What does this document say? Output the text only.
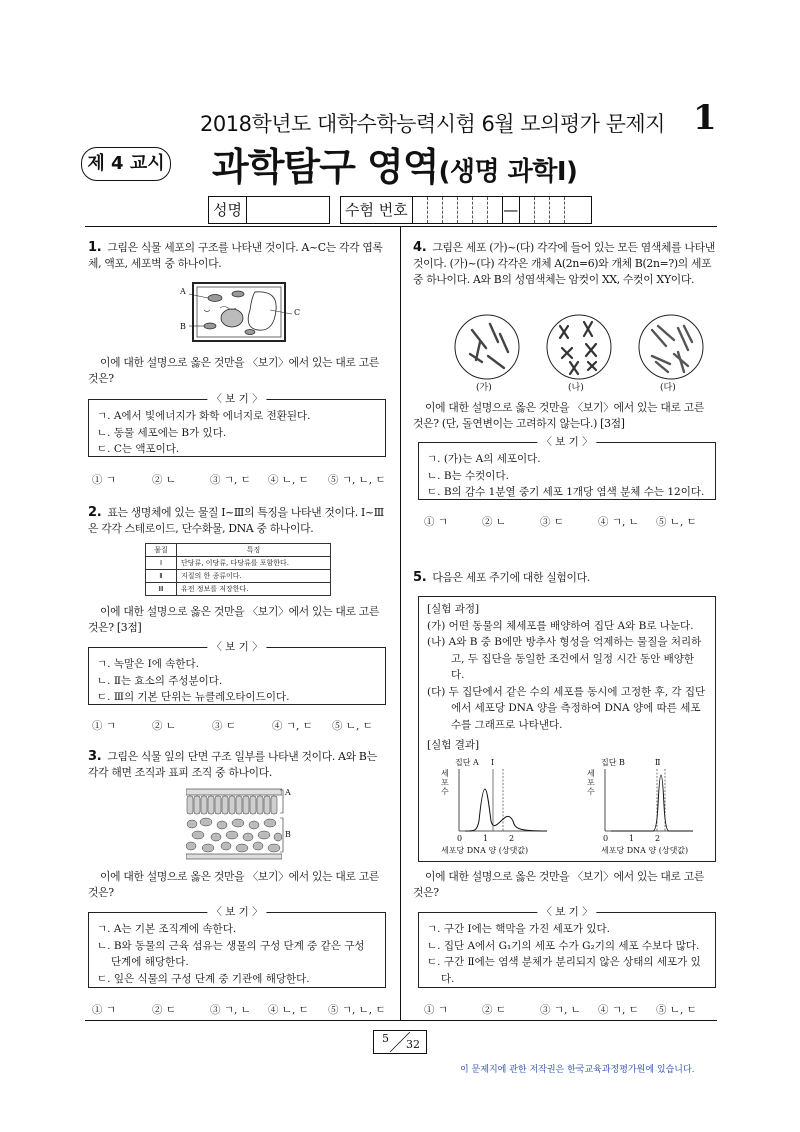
2018학년도 대학수학능력시험 6월 모의평가 문제지 1
제 4 교시 과학탐구 영역(생명 과학Ⅰ)
성명	수험 번호	—
1. 그림은 식물 세포의 구조를 나타낸 것이다. A~C는 각각 엽록체, 액포, 세포벽 중 하나이다.
A
B
C
이에 대한 설명으로 옳은 것만을 〈보기〉에서 있는 대로 고른 것은?
〈 보 기 〉
ㄱ. A에서 빛에너지가 화학 에너지로 전환된다.
ㄴ. 동물 세포에는 B가 있다.
ㄷ. C는 액포이다.
① ㄱ	② ㄴ	③ ㄱ, ㄷ	④ ㄴ, ㄷ	⑤ ㄱ, ㄴ, ㄷ
2. 표는 생명체에 있는 물질 Ⅰ~Ⅲ의 특징을 나타낸 것이다. Ⅰ~Ⅲ은 각각 스테로이드, 단수화물, DNA 중 하나이다.
물질	특징
Ⅰ	단당류, 이당류, 다당류를 포함한다.
Ⅱ	지질의 한 종류이다.
Ⅲ	유전 정보를 저장한다.
이에 대한 설명으로 옳은 것만을 〈보기〉에서 있는 대로 고른 것은? [3점]
〈 보 기 〉
ㄱ. 녹말은 Ⅰ에 속한다.
ㄴ. Ⅱ는 효소의 주성분이다.
ㄷ. Ⅲ의 기본 단위는 뉴클레오타이드이다.
① ㄱ	② ㄴ	③ ㄷ	④ ㄱ, ㄷ	⑤ ㄴ, ㄷ
3. 그림은 식물 잎의 단면 구조 일부를 나타낸 것이다. A와 B는 각각 해면 조직과 표피 조직 중 하나이다.
A
B
이에 대한 설명으로 옳은 것만을 〈보기〉에서 있는 대로 고른 것은?
〈 보 기 〉
ㄱ. A는 기본 조직계에 속한다.
ㄴ. B와 동물의 근육 섬유는 생물의 구성 단계 중 같은 구성 단계에 해당한다.
ㄷ. 잎은 식물의 구성 단계 중 기관에 해당한다.
① ㄱ	② ㄷ	③ ㄱ, ㄴ	④ ㄴ, ㄷ	⑤ ㄱ, ㄴ, ㄷ
4. 그림은 세포 (가)~(다) 각각에 들어 있는 모든 염색체를 나타낸 것이다. (가)~(다) 각각은 개체 A(2n=6)와 개체 B(2n=?)의 세포 중 하나이다. A와 B의 성염색체는 암컷이 XX, 수컷이 XY이다.
(가)	(나)	(다)
이에 대한 설명으로 옳은 것만을 〈보기〉에서 있는 대로 고른 것은? (단, 돌연변이는 고려하지 않는다.) [3점]
〈 보 기 〉
ㄱ. (가)는 A의 세포이다.
ㄴ. B는 수컷이다.
ㄷ. B의 감수 1분열 중기 세포 1개당 염색 분체 수는 12이다.
① ㄱ	② ㄴ	③ ㄷ	④ ㄱ, ㄴ	⑤ ㄴ, ㄷ
5. 다음은 세포 주기에 대한 실험이다.
[실험 과정]
(가) 어떤 동물의 체세포를 배양하여 집단 A와 B로 나눈다.
(나) A와 B 중 B에만 방추사 형성을 억제하는 물질을 처리하고, 두 집단을 동일한 조건에서 일정 시간 동안 배양한다.
(다) 두 집단에서 같은 수의 세포를 동시에 고정한 후, 각 집단에서 세포당 DNA 양을 측정하여 DNA 양에 따른 세포 수를 그래프로 나타낸다.
[실험 결과]
집단 A
세
포
수
Ⅰ
0	1	2
세포당 DNA 양 (상댓값)
집단 B
세
포
수
Ⅱ
0	1	2
세포당 DNA 양 (상댓값)
이에 대한 설명으로 옳은 것만을 〈보기〉에서 있는 대로 고른 것은?
〈 보 기 〉
ㄱ. 구간 Ⅰ에는 핵막을 가진 세포가 있다.
ㄴ. 집단 A에서 G₁기의 세포 수가 G₂기의 세포 수보다 많다.
ㄷ. 구간 Ⅱ에는 염색 분체가 분리되지 않은 상태의 세포가 있다.
① ㄱ	② ㄷ	③ ㄱ, ㄴ	④ ㄱ, ㄷ	⑤ ㄴ, ㄷ
5 32
이 문제지에 관한 저작권은 한국교육과정평가원에 있습니다.
